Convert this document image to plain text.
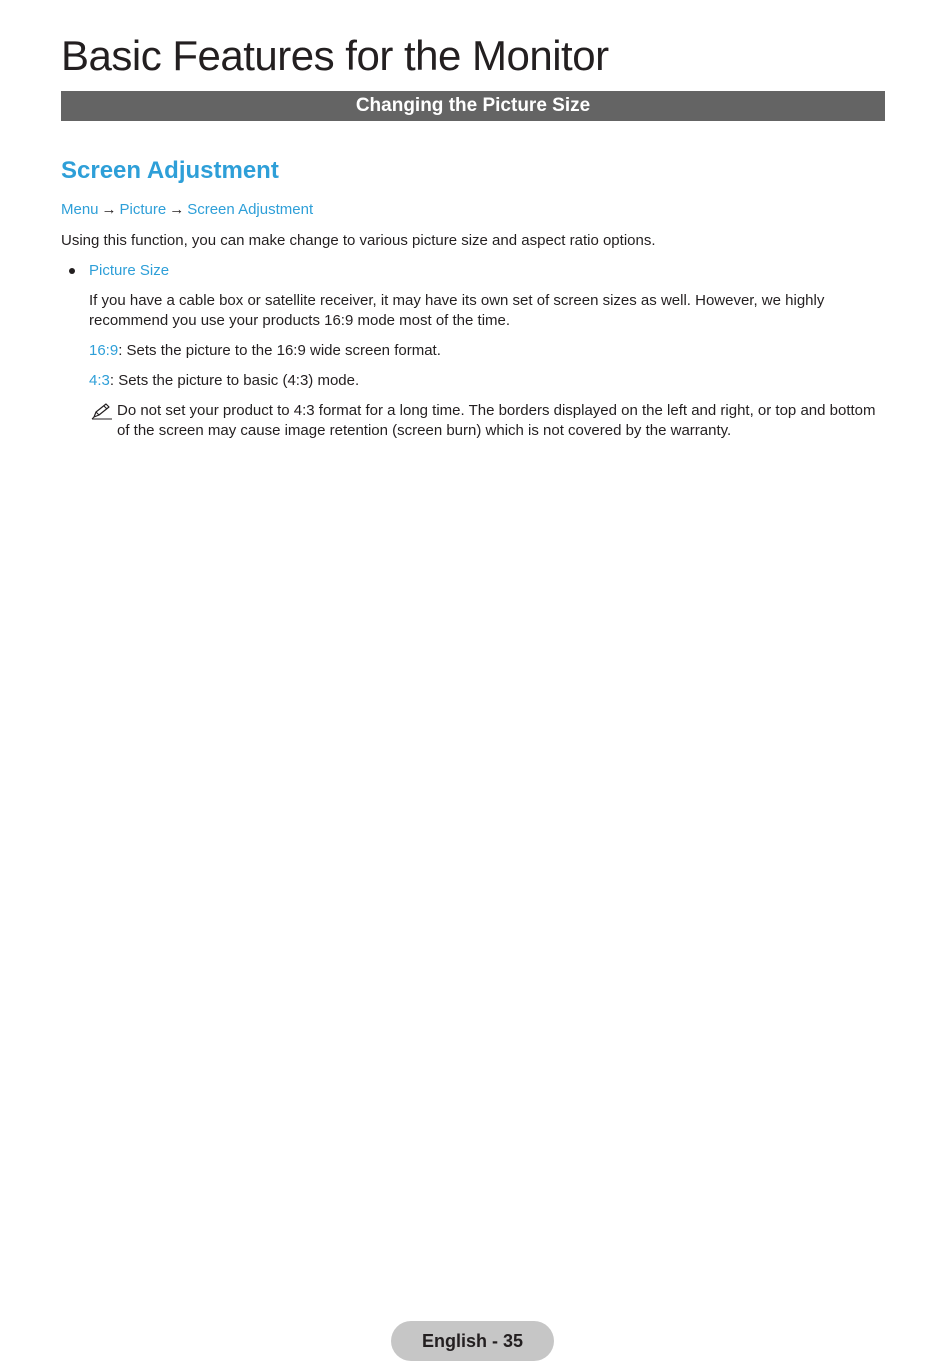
Basic Features for the Monitor
Changing the Picture Size
Screen Adjustment
Menu → Picture → Screen Adjustment
Using this function, you can make change to various picture size and aspect ratio options.
Picture Size
If you have a cable box or satellite receiver, it may have its own set of screen sizes as well. However, we highly recommend you use your products 16:9 mode most of the time.
16:9: Sets the picture to the 16:9 wide screen format.
4:3: Sets the picture to basic (4:3) mode.
Do not set your product to 4:3 format for a long time. The borders displayed on the left and right, or top and bottom of the screen may cause image retention (screen burn) which is not covered by the warranty.
English - 35
